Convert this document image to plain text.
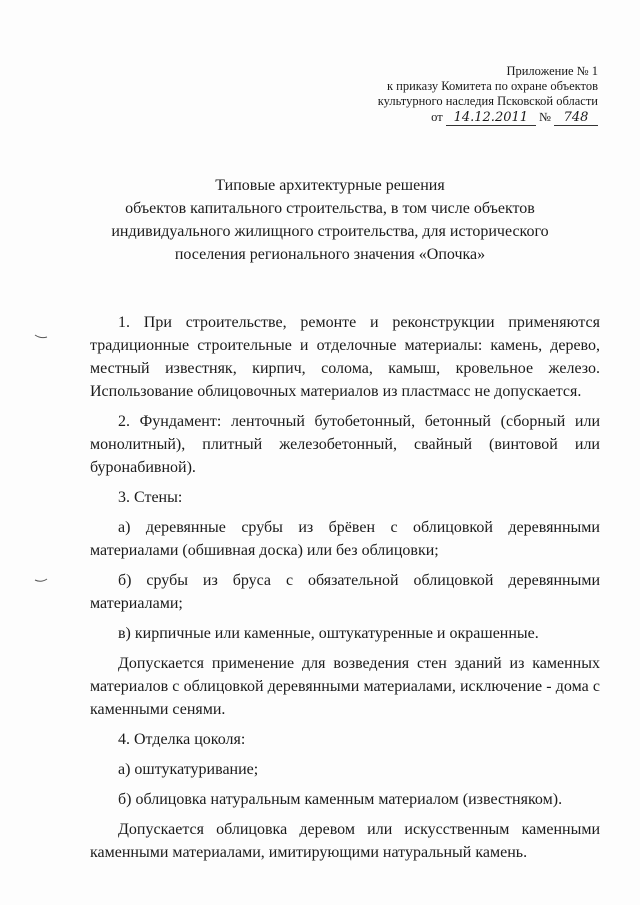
Приложение № 1
к приказу Комитета по охране объектов
культурного наследия Псковской области
от 14.12.2011 № 748
Типовые архитектурные решения
объектов капитального строительства, в том числе объектов
индивидуального жилищного строительства, для исторического
поселения регионального значения «Опочка»

1. При строительстве, ремонте и реконструкции применяются традиционные строительные и отделочные материалы: камень, дерево, местный известняк, кирпич, солома, камыш, кровельное железо. Использование облицовочных материалов из пластмасс не допускается.

2. Фундамент: ленточный бутобетонный, бетонный (сборный или монолитный), плитный железобетонный, свайный (винтовой или буронабивной).

3. Стены:

а) деревянные срубы из брёвен с облицовкой деревянными материалами (обшивная доска) или без облицовки;

б) срубы из бруса с обязательной облицовкой деревянными материалами;

в) кирпичные или каменные, оштукатуренные и окрашенные.

Допускается применение для возведения стен зданий из каменных материалов с облицовкой деревянными материалами, исключение - дома с каменными сенями.

4. Отделка цоколя:

а) оштукатуривание;

б) облицовка натуральным каменным материалом (известняком).

Допускается облицовка деревом или искусственным каменными каменными материалами, имитирующими натуральный камень.
